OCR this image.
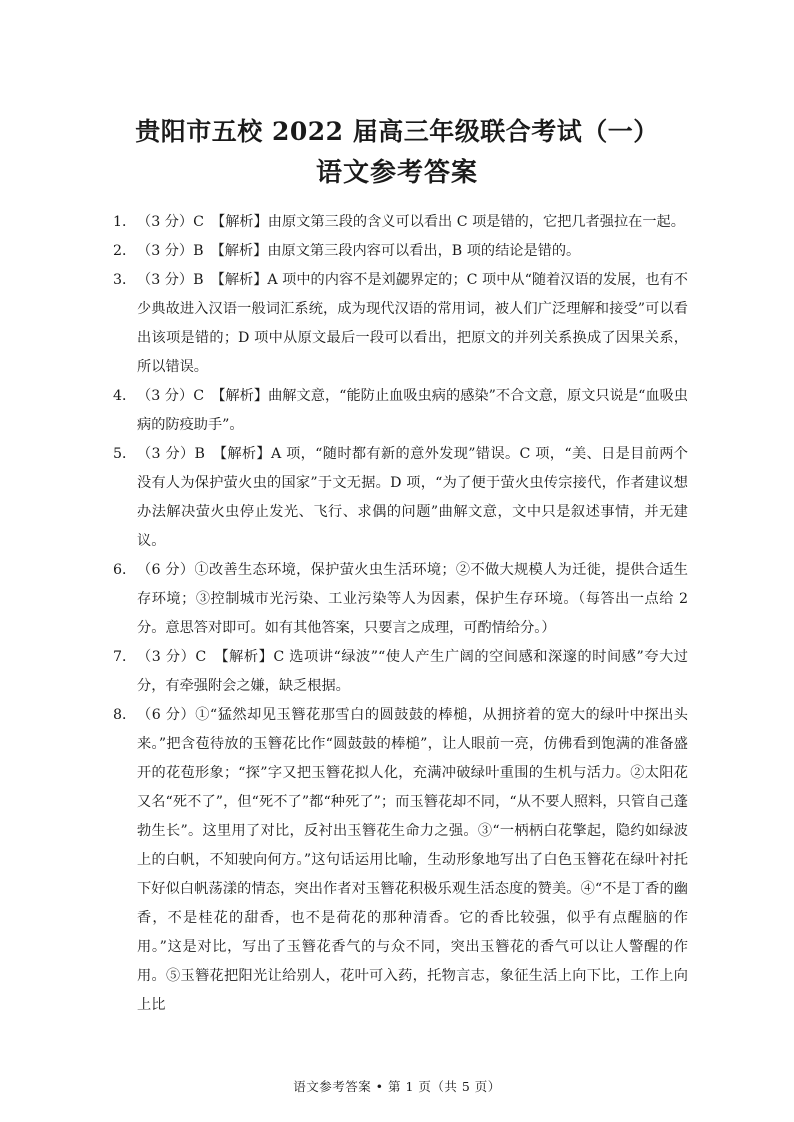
贵阳市五校 2022 届高三年级联合考试（一）
语文参考答案
1． （3 分）C　【解析】由原文第三段的含义可以看出 C 项是错的，它把几者强拉在一起。
2． （3 分）B　【解析】由原文第三段内容可以看出，B 项的结论是错的。
3． （3 分）B　【解析】A 项中的内容不是刘勰界定的；C 项中从“随着汉语的发展，也有不少典故进入汉语一般词汇系统，成为现代汉语的常用词，被人们广泛理解和接受”可以看出该项是错的；D 项中从原文最后一段可以看出，把原文的并列关系换成了因果关系，所以错误。
4． （3 分）C　【解析】曲解文意，“能防止血吸虫病的感染”不合文意，原文只说是“血吸虫病的防疫助手”。
5． （3 分）B　【解析】A 项，“随时都有新的意外发现”错误。C 项，“美、日是目前两个没有人为保护萤火虫的国家”于文无据。D 项，“为了便于萤火虫传宗接代，作者建议想办法解决萤火虫停止发光、飞行、求偶的问题”曲解文意，文中只是叙述事情，并无建议。
6． （6 分）①改善生态环境，保护萤火虫生活环境；②不做大规模人为迁徙，提供合适生存环境；③控制城市光污染、工业污染等人为因素，保护生存环境。（每答出一点给 2 分。意思答对即可。如有其他答案，只要言之成理，可酌情给分。）
7． （3 分）C　【解析】C 选项讲“绿波”“使人产生广阔的空间感和深邃的时间感”夸大过分，有牵强附会之嫌，缺乏根据。
8． （6 分）①“猛然却见玉簪花那雪白的圆鼓鼓的棒槌，从拥挤着的宽大的绿叶中探出头来。”把含苞待放的玉簪花比作“圆鼓鼓的棒槌”，让人眼前一亮，仿佛看到饱满的准备盛开的花苞形象；“探”字又把玉簪花拟人化，充满冲破绿叶重围的生机与活力。②太阳花又名“死不了”，但“死不了”都“种死了”；而玉簪花却不同，“从不要人照料，只管自己蓬勃生长”。这里用了对比，反衬出玉簪花生命力之强。③“一柄柄白花擎起，隐约如绿波上的白帆，不知驶向何方。”这句话运用比喻，生动形象地写出了白色玉簪花在绿叶衬托下好似白帆荡漾的情态，突出作者对玉簪花积极乐观生活态度的赞美。④“不是丁香的幽香，不是桂花的甜香，也不是荷花的那种清香。它的香比较强，似乎有点醒脑的作用。”这是对比，写出了玉簪花香气的与众不同，突出玉簪花的香气可以让人警醒的作用。⑤玉簪花把阳光让给别人，花叶可入药，托物言志，象征生活上向下比，工作上向上比
语文参考答案 • 第 1 页（共 5 页）
